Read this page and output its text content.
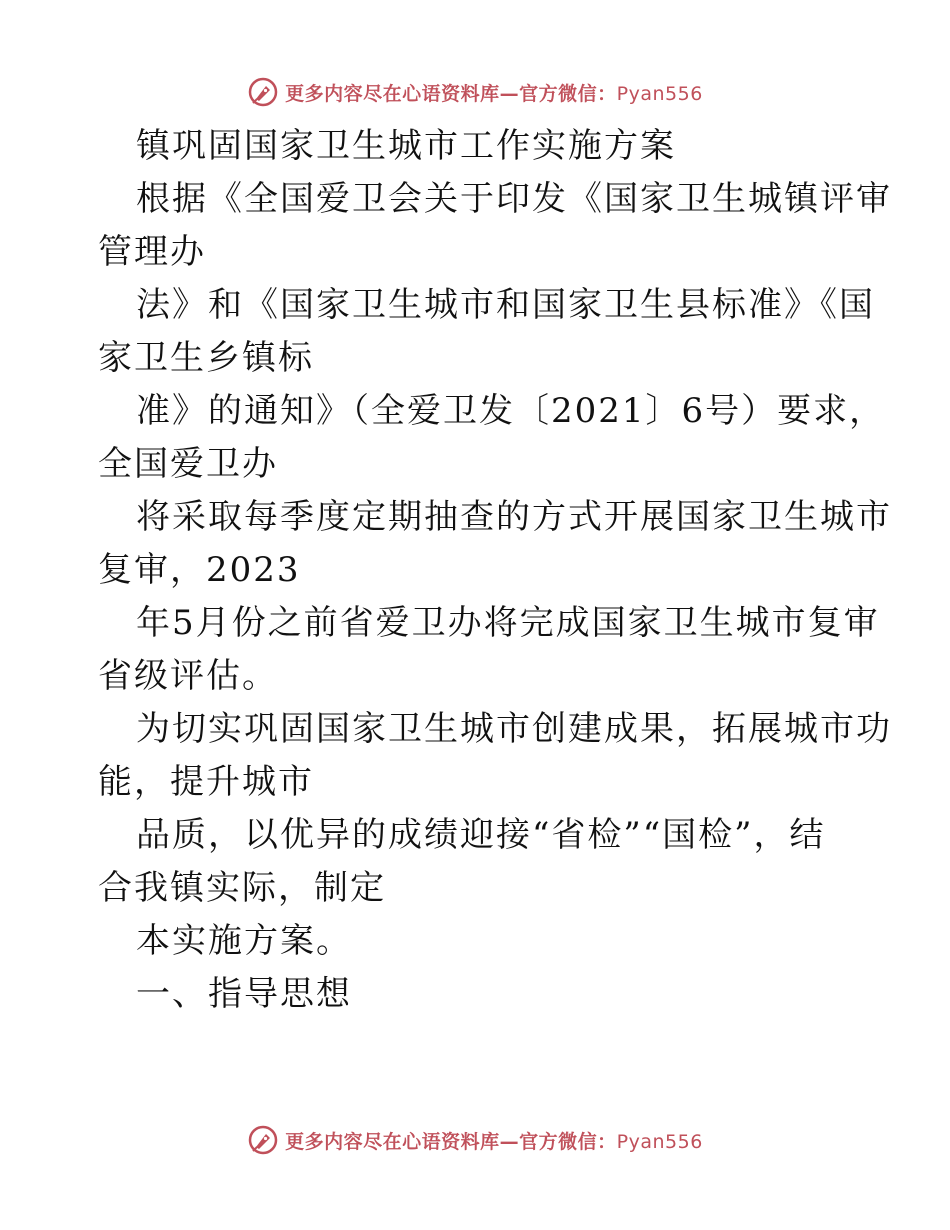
更多内容尽在心语资料库—官方微信：Pyan556
镇巩固国家卫生城市工作实施方案
根据《全国爱卫会关于印发《国家卫生城镇评审
管理办
法》和《国家卫生城市和国家卫生县标准》《国
家卫生乡镇标
准》的通知》（全爱卫发〔2021〕6号）要求，
全国爱卫办
将采取每季度定期抽查的方式开展国家卫生城市
复审，2023
年5月份之前省爱卫办将完成国家卫生城市复审
省级评估。
为切实巩固国家卫生城市创建成果，拓展城市功
能，提升城市
品质，以优异的成绩迎接“省检”“国检”，结
合我镇实际，制定
本实施方案。
一、指导思想
更多内容尽在心语资料库—官方微信：Pyan556
